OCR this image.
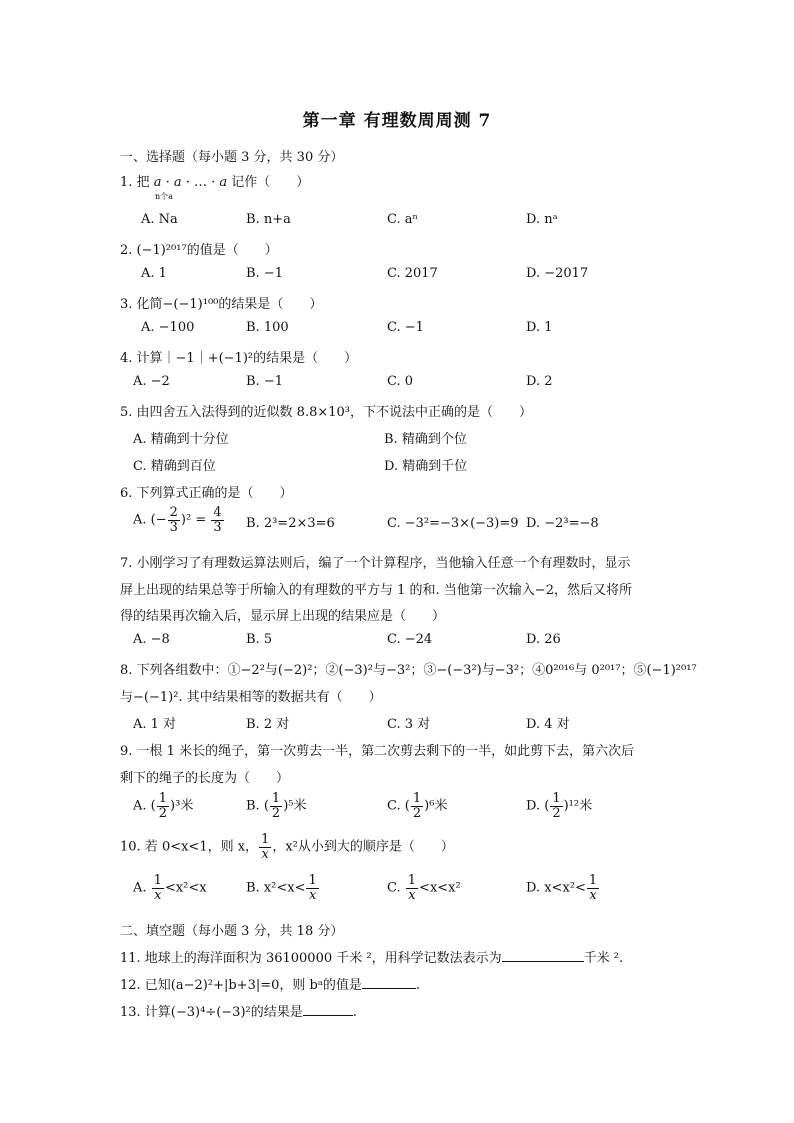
第一章 有理数周周测 7
一、选择题（每小题 3 分，共 30 分）
1. 把 a · a · … · a 记作（　　）
n个a
A. Na	B. n+a	C. aⁿ	D. nᵃ
2. (−1)²⁰¹⁷的值是（　　）
A. 1	B. −1	C. 2017	D. −2017
3. 化简−(−1)¹⁰⁰的结果是（　　）
A. −100	B. 100	C. −1	D. 1
4. 计算｜−1｜+(−1)²的结果是（　　）
A. −2	B. −1	C. 0	D. 2
5. 由四舍五入法得到的近似数 8.8×10³，下不说法中正确的是（　　）
A. 精确到十分位	B. 精确到个位
C. 精确到百位	D. 精确到千位
6. 下列算式正确的是（　　）
A. (− $\frac{2}{3} )^2 = \frac{4}{3} B$. 2³=2×3=6	C. −3²=−3×(−3)=9 D. −2³=−8
7. 小刚学习了有理数运算法则后，编了一个计算程序，当他输入任意一个有理数时，显示
屏上出现的结果总等于所输入的有理数的平方与 1 的和. 当他第一次输入−2，然后又将所
得的结果再次输入后，显示屏上出现的结果应是（　　）
A. −8	B. 5	C. −24	D. 26
8. 下列各组数中：①−2²与(−2)²；②(−3)²与−3²；③−(−3²)与−3²；④0²⁰¹⁶与 0²⁰¹⁷；⑤(−1)²⁰¹⁷
与−(−1)². 其中结果相等的数据共有（　　）
A. 1 对	B. 2 对	C. 3 对	D. 4 对
9. 一根 1 米长的绳子，第一次剪去一半，第二次剪去剩下的一半，如此剪下去，第六次后
剩下的绳子的长度为（　　）
A. ( $\frac{1}{2} )^3$米	B. ( $\frac{1}{2} )^5$米	C. ( $\frac{1}{2} )^6$米	D. ( $\frac{1}{2} )^{12}$米
10. 若 0<x<1，则 x， $\frac{1}{x}$ ，x²从小到大的顺序是（　　）
A. $\frac{1}{x} <x^2<x$	B. $x^2<x< \frac{1}{x}$	C. $\frac{1}{x} <x<x^2$	D. $x<x^2< \frac{1}{x}$
二、填空题（每小题 3 分，共 18 分）
11. 地球上的海洋面积为 36100000 千米 ²，用科学记数法表示为	千米 ².
12. 已知(a−2)²+|b+3|=0，则 bᵃ的值是	.
13. 计算(−3)⁴÷(−3)²的结果是	.
